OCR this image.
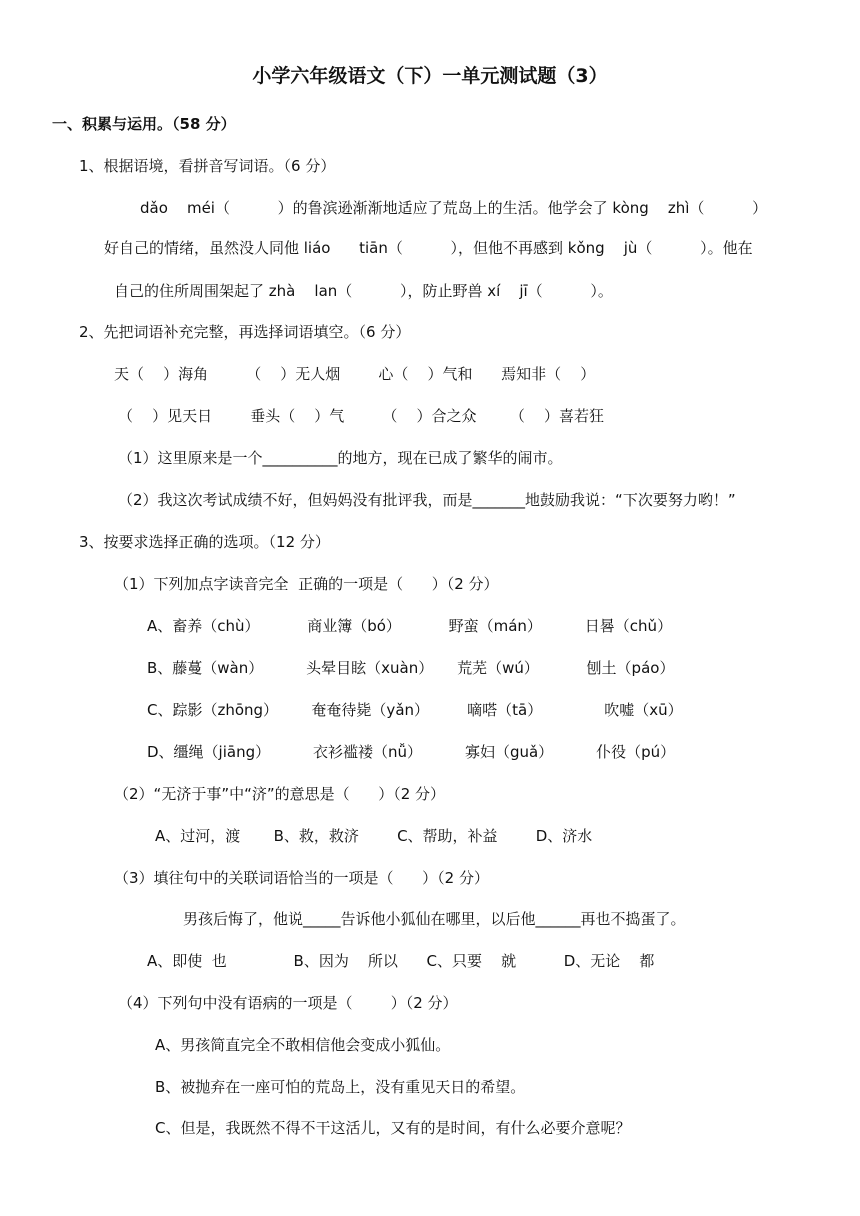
小学六年级语文（下）一单元测试题（3）
一、积累与运用。（58 分）
1、根据语境，看拼音写词语。（6 分）
dǎo    méi（          ）的鲁滨逊渐渐地适应了荒岛上的生活。他学会了 kòng    zhì（          ）
好自己的情绪，虽然没人同他 liáo      tiān（          ），但他不再感到 kǒng    jù（          ）。他在
自己的住所周围架起了 zhà    lan（          ），防止野兽 xí    jī（          ）。
2、先把词语补充完整，再选择词语填空。（6 分）
天（    ）海角        （    ）无人烟        心（    ）气和      焉知非（    ）
（    ）见天日        垂头（    ）气        （    ）合之众       （    ）喜若狂
（1）这里原来是一个__________的地方，现在已成了繁华的闹市。
（2）我这次考试成绩不好，但妈妈没有批评我，而是_______地鼓励我说：“下次要努力哟！”
3、按要求选择正确的选项。（12 分）
（1）下列加点字读音完全  正确的一项是（      ）（2 分）
A、畜养（chù）          商业簿（bó）          野蛮（mán）         日晷（chǔ）
B、藤蔓（wàn）         头晕目眩（xuàn）     荒芜（wú）          刨土（páo）
C、踪影（zhōng）       奄奄待毙（yǎn）        嘀嗒（tā）             吹嘘（xū）
D、缰绳（jiāng）         衣衫褴褛（nǚ）         寡妇（guǎ）         仆役（pú）
（2）“无济于事”中“济”的意思是（      ）（2 分）
A、过河，渡       B、救，救济        C、帮助，补益        D、济水
（3）填往句中的关联词语恰当的一项是（      ）（2 分）
男孩后悔了，他说_____告诉他小狐仙在哪里，以后他______再也不捣蛋了。
A、即使  也              B、因为    所以      C、只要    就          D、无论    都
（4）下列句中没有语病的一项是（        ）（2 分）
A、男孩简直完全不敢相信他会变成小狐仙。
B、被抛弃在一座可怕的荒岛上，没有重见天日的希望。
C、但是，我既然不得不干这活儿，又有的是时间，有什么必要介意呢？
